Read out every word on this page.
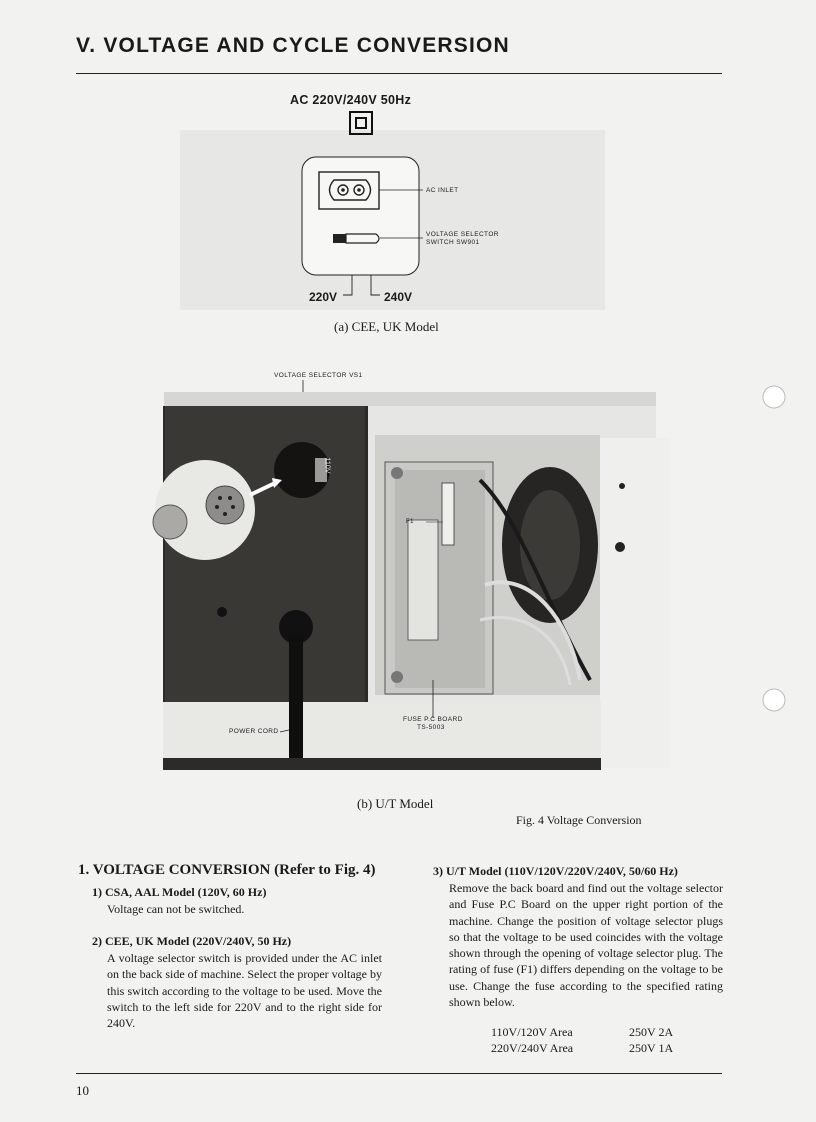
V. VOLTAGE AND CYCLE CONVERSION
AC 220V/240V 50Hz
AC INLET
VOLTAGE SELECTOR
SWITCH SW901
220V	240V
(a) CEE, UK Model
VOLTAGE SELECTOR VS1
F1
110V
FUSE P.C BOARD
TS-5003
POWER CORD
(b) U/T Model
Fig. 4 Voltage Conversion
1. VOLTAGE CONVERSION (Refer to Fig. 4)
1) CSA, AAL Model (120V, 60 Hz)
Voltage can not be switched.
2) CEE, UK Model (220V/240V, 50 Hz)
A voltage selector switch is provided under the AC inlet on the back side of machine. Select the proper voltage by this switch according to the voltage to be used. Move the switch to the left side for 220V and to the right side for 240V.
3) U/T Model (110V/120V/220V/240V, 50/60 Hz)
Remove the back board and find out the voltage selector and Fuse P.C Board on the upper right portion of the machine. Change the position of voltage selector plugs so that the voltage to be used coincides with the voltage shown through the opening of voltage selector plug. The rating of fuse (F1) differs depending on the voltage to be use. Change the fuse according to the specified rating shown below.
110V/120V Area	250V 2A
220V/240V Area	250V 1A
10
